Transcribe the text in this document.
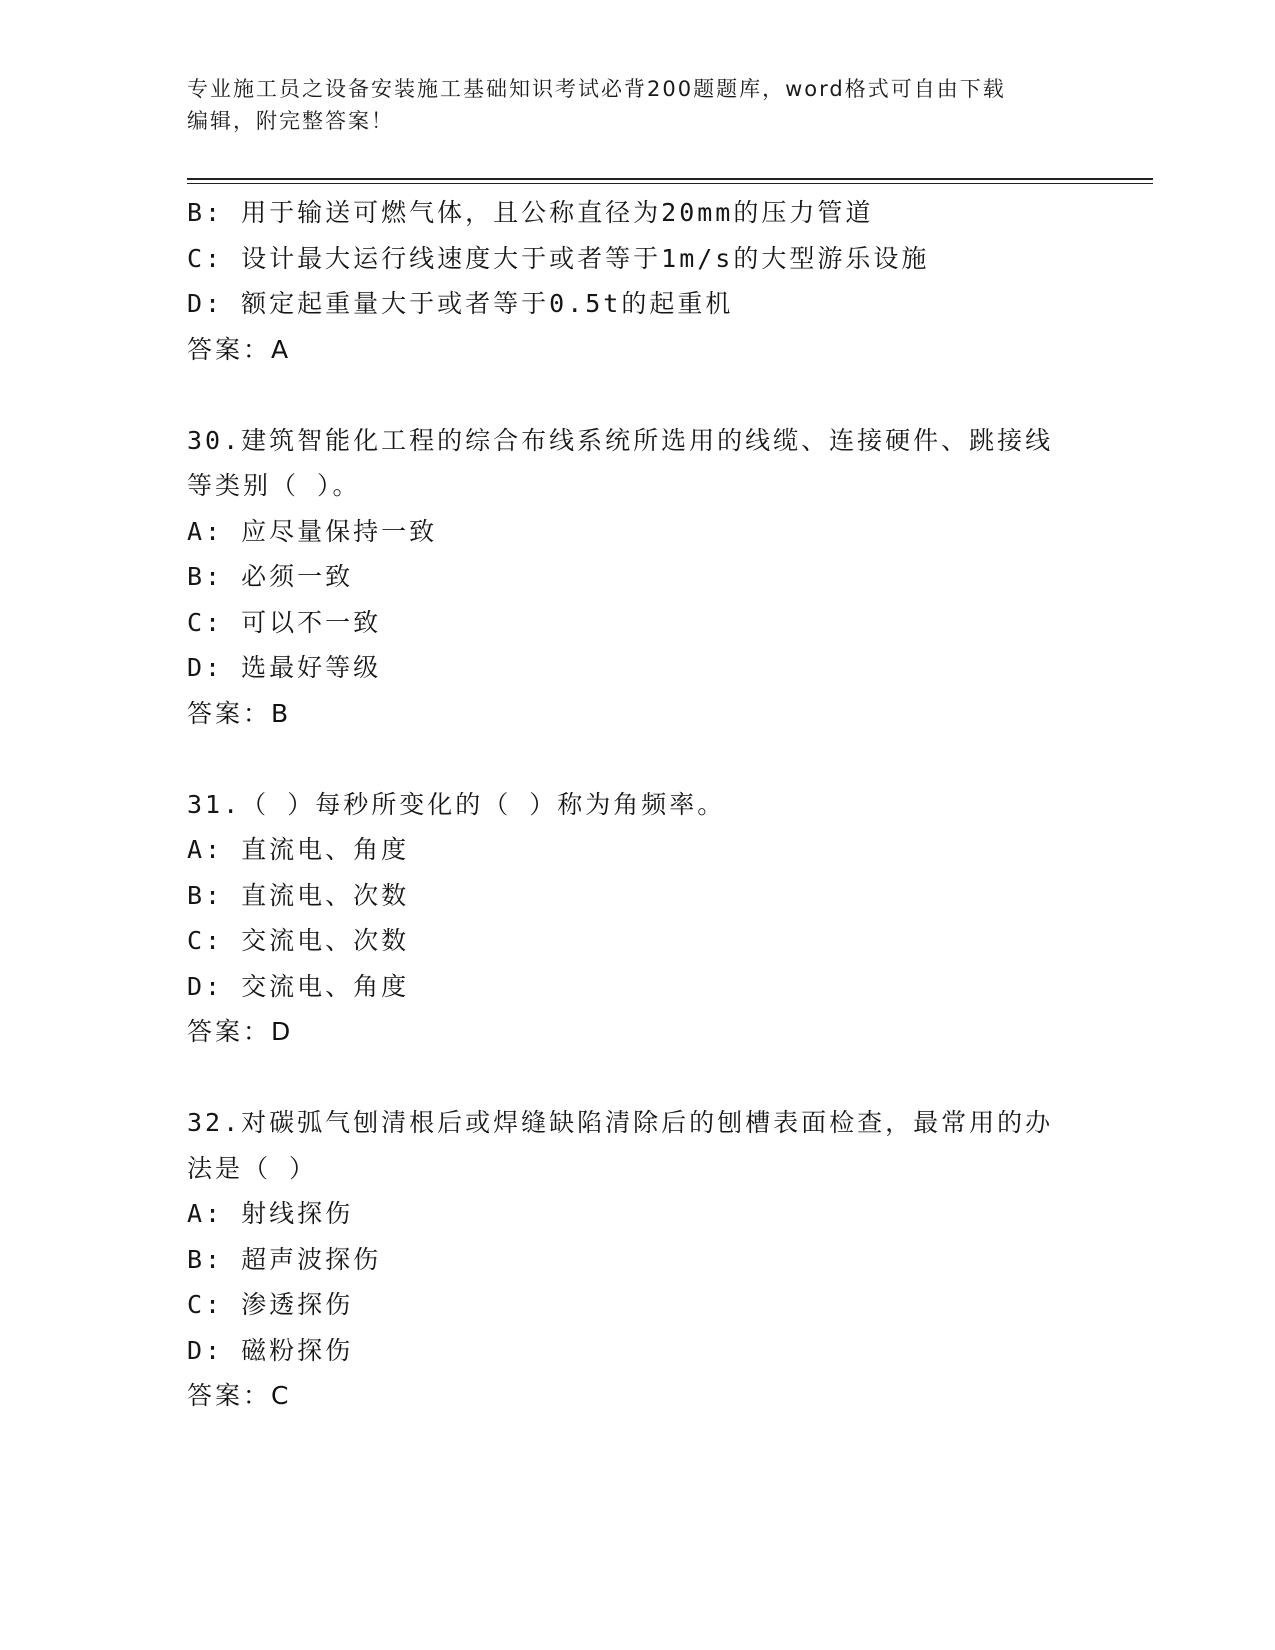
专业施工员之设备安装施工基础知识考试必背200题题库，word格式可自由下载
编辑，附完整答案！
B: 用于输送可燃气体，且公称直径为20mm的压力管道
C: 设计最大运行线速度大于或者等于1m/s的大型游乐设施
D: 额定起重量大于或者等于0.5t的起重机
答案：A
30.建筑智能化工程的综合布线系统所选用的线缆、连接硬件、跳接线
等类别（ ）。
A: 应尽量保持一致
B: 必须一致
C: 可以不一致
D: 选最好等级
答案：B
31.（ ）每秒所变化的（ ）称为角频率。
A: 直流电、角度
B: 直流电、次数
C: 交流电、次数
D: 交流电、角度
答案：D
32.对碳弧气刨清根后或焊缝缺陷清除后的刨槽表面检查，最常用的办
法是（ ）
A: 射线探伤
B: 超声波探伤
C: 渗透探伤
D: 磁粉探伤
答案：C
